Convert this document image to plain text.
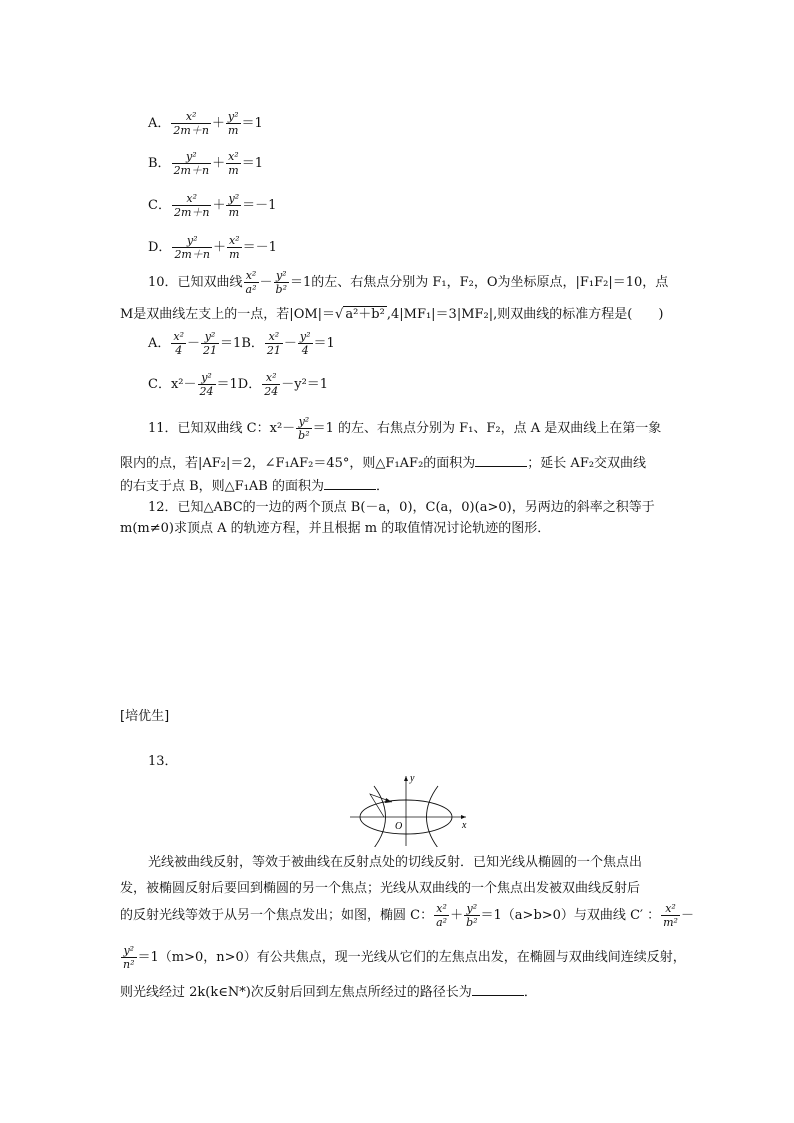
A． $\frac{\text{x²}}{2m+n} + \frac{\text{y²}}{m} =1$
B． $\frac{\text{y²}}{2m+n} + \frac{\text{x²}}{m} =1$
C． $\frac{\text{x²}}{2m+n} + \frac{\text{y²}}{m} =-1$
D． $\frac{\text{y²}}{2m+n} + \frac{\text{x²}}{m} =-1$
10．已知双曲线 $\frac{\text{x²}}{\text{a²}} - \frac{\text{y²}}{\text{b²}} =1$的左、右焦点分别为 F₁，F₂，O为坐标原点，|F₁F₂|＝10，点
M是双曲线左支上的一点，若|OM|＝√ a²＋b² ,4|MF₁|＝3|MF₂|,则双曲线的标准方程是(　　)
A． $\frac{\text{x²}}{4} - \frac{\text{y²}}{21} =1B$． $\frac{\text{x²}}{21} - \frac{\text{y²}}{4} =1$
C．$x^2- \frac{\text{y²}}{24} =1D$． $\frac{\text{x²}}{24} -y^2=1$
11．已知双曲线 C：$x^2- \frac{\text{y²}}{\text{b²}} =1$ 的左、右焦点分别为 F₁、F₂，点 A 是双曲线上在第一象
限内的点，若|AF₂|＝2，∠F₁AF₂＝45°，则△F₁AF₂的面积为	；延长 AF₂交双曲线
的右支于点 B，则△F₁AB 的面积为	．
12．已知△ABC的一边的两个顶点 B(－a，0)，C(a，0)(a>0)，另两边的斜率之积等于
m(m≠0)求顶点 A 的轨迹方程，并且根据 m 的取值情况讨论轨迹的图形．
[培优生]
13．
y
x
O
光线被曲线反射，等效于被曲线在反射点处的切线反射．已知光线从椭圆的一个焦点出
发，被椭圆反射后要回到椭圆的另一个焦点；光线从双曲线的一个焦点出发被双曲线反射后
的反射光线等效于从另一个焦点发出；如图，椭圆 C： $\frac{\text{x²}}{\text{a²}} + \frac{\text{y²}}{\text{b²}} =1(a>b>0)$与双曲线 C′ ： $\frac{\text{x²}}{\text{m²}}$ －
$\frac{\text{y²}}{\text{n²}} =1(m>0$，n>0）有公共焦点，现一光线从它们的左焦点出发，在椭圆与双曲线间连续反射，
则光线经过 2k(k∈N*)次反射后回到左焦点所经过的路径长为	．
